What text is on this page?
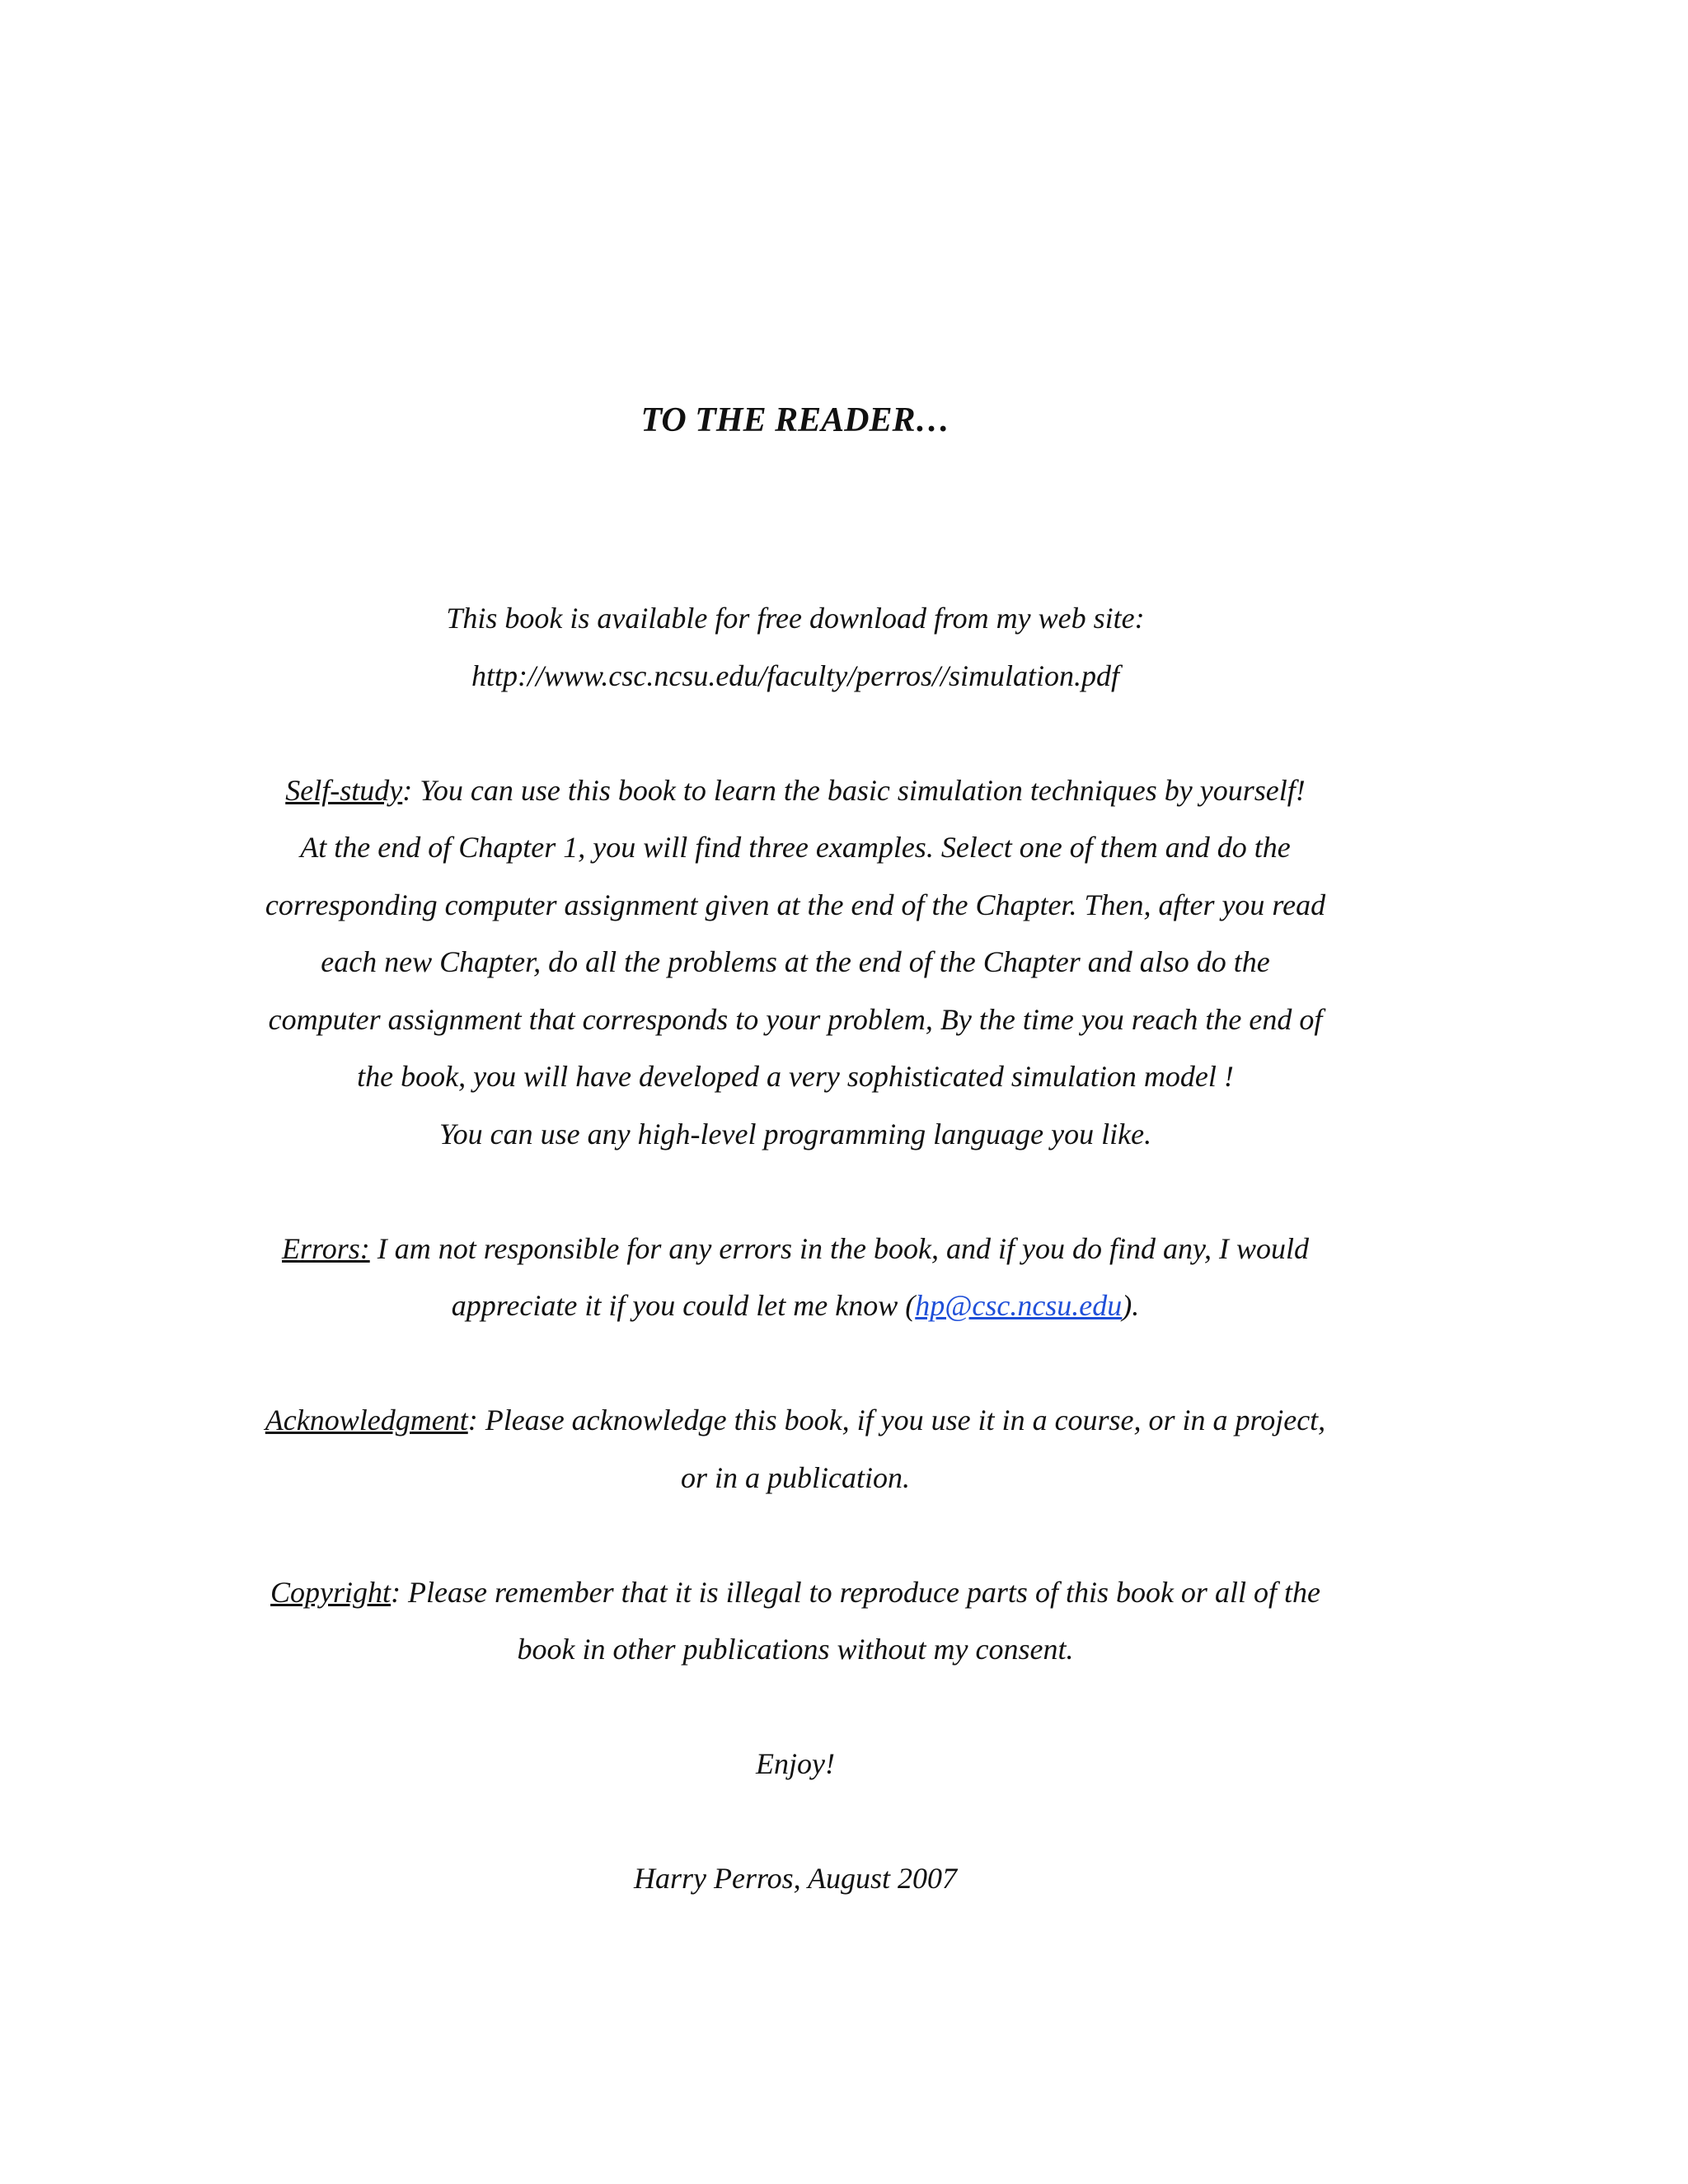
TO THE READER…
This book is available for free download from my web site:
http://www.csc.ncsu.edu/faculty/perros//simulation.pdf
Self-study: You can use this book to learn the basic simulation techniques by yourself!
At the end of Chapter 1, you will find three examples. Select one of them and do the
corresponding computer assignment given at the end of the Chapter. Then, after you read
each new Chapter, do all the problems at the end of the Chapter and also do the
computer assignment that corresponds to your problem, By the time you reach the end of
the book, you will have developed a very sophisticated simulation model !
You can use any high-level programming language you like.
Errors: I am not responsible for any errors in the book, and if you do find any, I would
appreciate it if you could let me know (hp@csc.ncsu.edu).
Acknowledgment: Please acknowledge this book, if you use it in a course, or in a project,
or in a publication.
Copyright: Please remember that it is illegal to reproduce parts of this book or all of the
book in other publications without my consent.
Enjoy!
Harry Perros, August 2007
